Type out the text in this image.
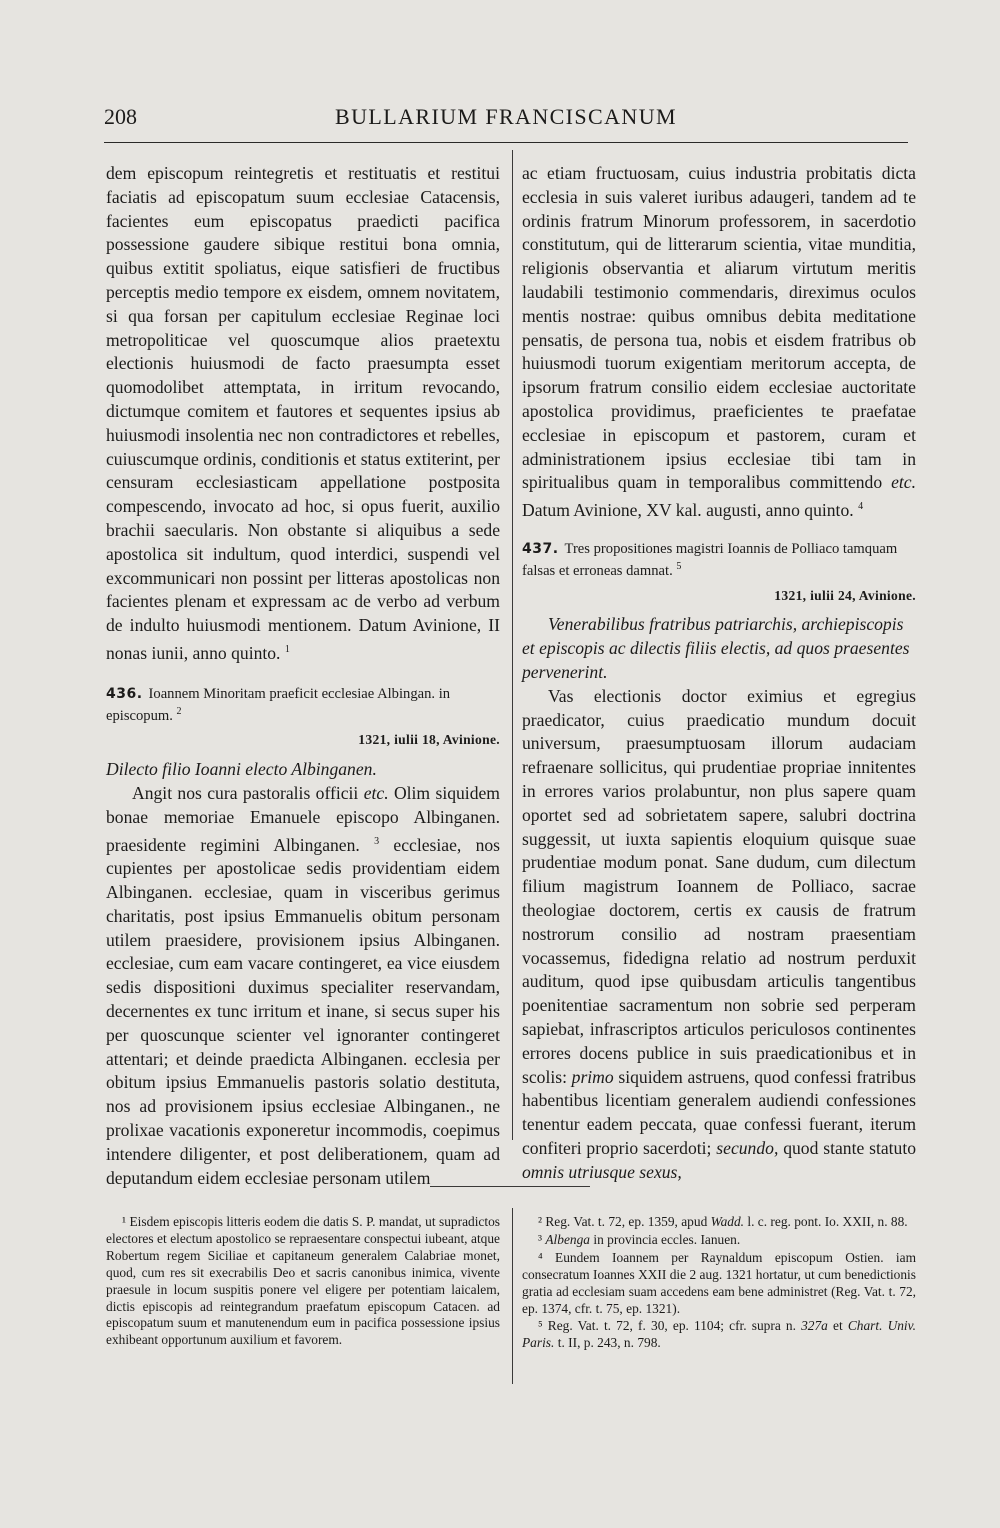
208	BULLARIUM FRANCISCANUM

dem episcopum reintegretis et restituatis et restitui faciatis ad episcopatum suum ecclesiae Catacensis, facientes eum episcopatus praedicti pacifica possessione gaudere sibique restitui bona omnia, quibus extitit spoliatus, eique satisfieri de fructibus perceptis medio tempore ex eisdem, omnem novitatem, si qua forsan per capitulum ecclesiae Reginae loci metropoliticae vel quoscumque alios praetextu electionis huiusmodi de facto praesumpta esset quomodolibet attemptata, in irritum revocando, dictumque comitem et fautores et sequentes ipsius ab huiusmodi insolentia nec non contradictores et rebelles, cuiuscumque ordinis, conditionis et status extiterint, per censuram ecclesiasticam appellatione postposita compescendo, invocato ad hoc, si opus fuerit, auxilio brachii saecularis. Non obstante si aliquibus a sede apostolica sit indultum, quod interdici, suspendi vel excommunicari non possint per litteras apostolicas non facientes plenam et expressam ac de verbo ad verbum de indulto huiusmodi mentionem. Datum Avinione, II nonas iunii, anno quinto. $^1$

436. Ioannem Minoritam praeficit ecclesiae Albingan. in episcopum. $^2$

1321, iulii 18, Avinione.

Dilecto filio Ioanni electo Albinganen.

Angit nos cura pastoralis officii etc. Olim siquidem bonae memoriae Emanuele episcopo Albinganen. praesidente regimini Albinganen. $^3$ ecclesiae, nos cupientes per apostolicae sedis providentiam eidem Albinganen. ecclesiae, quam in visceribus gerimus charitatis, post ipsius Emmanuelis obitum personam utilem praesidere, provisionem ipsius Albinganen. ecclesiae, cum eam vacare contingeret, ea vice eiusdem sedis dispositioni duximus specialiter reservandam, decernentes ex tunc irritum et inane, si secus super his per quoscunque scienter vel ignoranter contingeret attentari; et deinde praedicta Albinganen. ecclesia per obitum ipsius Emmanuelis pastoris solatio destituta, nos ad provisionem ipsius ecclesiae Albinganen., ne prolixae vacationis exponeretur incommodis, coepimus intendere diligenter, et post deliberationem, quam ad deputandum eidem ecclesiae personam utilem

ac etiam fructuosam, cuius industria probitatis dicta ecclesia in suis valeret iuribus adaugeri, tandem ad te ordinis fratrum Minorum professorem, in sacerdotio constitutum, qui de litterarum scientia, vitae munditia, religionis observantia et aliarum virtutum meritis laudabili testimonio commendaris, direximus oculos mentis nostrae: quibus omnibus debita meditatione pensatis, de persona tua, nobis et eisdem fratribus ob huiusmodi tuorum exigentiam meritorum accepta, de ipsorum fratrum consilio eidem ecclesiae auctoritate apostolica providimus, praeficientes te praefatae ecclesiae in episcopum et pastorem, curam et administrationem ipsius ecclesiae tibi tam in spiritualibus quam in temporalibus committendo etc. Datum Avinione, XV kal. augusti, anno quinto. $^4$

437. Tres propositiones magistri Ioannis de Polliaco tamquam falsas et erroneas damnat. $^5$

1321, iulii 24, Avinione.

Venerabilibus fratribus patriarchis, archiepiscopis et episcopis ac dilectis filiis electis, ad quos praesentes pervenerint.

Vas electionis doctor eximius et egregius praedicator, cuius praedicatio mundum docuit universum, praesumptuosam illorum audaciam refraenare sollicitus, qui prudentiae propriae innitentes in errores varios prolabuntur, non plus sapere quam oportet sed ad sobrietatem sapere, salubri doctrina suggessit, ut iuxta sapientis eloquium quisque suae prudentiae modum ponat. Sane dudum, cum dilectum filium magistrum Ioannem de Polliaco, sacrae theologiae doctorem, certis ex causis de fratrum nostrorum consilio ad nostram praesentiam vocassemus, fidedigna relatio ad nostrum perduxit auditum, quod ipse quibusdam articulis tangentibus poenitentiae sacramentum non sobrie sed perperam sapiebat, infrascriptos articulos periculosos continentes errores docens publice in suis praedicationibus et in scolis: primo siquidem astruens, quod confessi fratribus habentibus licentiam generalem audiendi confessiones tenentur eadem peccata, quae confessi fuerant, iterum confiteri proprio sacerdoti; secundo, quod stante statuto omnis utriusque sexus,

¹ Eisdem episcopis litteris eodem die datis S. P. mandat, ut supradictos electores et electum apostolico se repraesentare conspectui iubeant, atque Robertum regem Siciliae et capitaneum generalem Calabriae monet, quod, cum res sit execrabilis Deo et sacris canonibus inimica, vivente praesule in locum suspitis ponere vel eligere per potentiam laicalem, dictis episcopis ad reintegrandum praefatum episcopum Catacen. ad episcopatum suum et manutenendum eum in pacifica possessione ipsius exhibeant opportunum auxilium et favorem.

² Reg. Vat. t. 72, ep. 1359, apud Wadd. l. c. reg. pont. Io. XXII, n. 88.

³ Albenga in provincia eccles. Ianuen.

⁴ Eundem Ioannem per Raynaldum episcopum Ostien. iam consecratum Ioannes XXII die 2 aug. 1321 hortatur, ut cum benedictionis gratia ad ecclesiam suam accedens eam bene administret (Reg. Vat. t. 72, ep. 1374, cfr. t. 75, ep. 1321).

⁵ Reg. Vat. t. 72, f. 30, ep. 1104; cfr. supra n. 327a et Chart. Univ. Paris. t. II, p. 243, n. 798.
